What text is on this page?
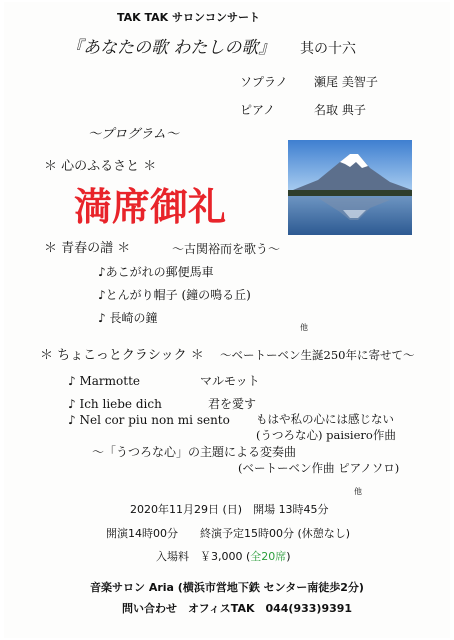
TAK TAK サロンコンサート
『あなたの歌 わたしの歌』 其の十六
ソプラノ 瀬尾 美智子
ピアノ	名取 典子
～プログラム～
＊ 心のふるさと ＊
満席御礼
＊ 青春の譜 ＊	～古関裕而を歌う～
♪あこがれの郵便馬車
♪とんがり帽子 (鐘の鳴る丘)
♪ 長崎の鐘
他
＊ ちょこっとクラシック ＊ ～ベートーベン生誕250年に寄せて～
♪ Marmotte	マルモット
♪ Ich liebe dich	君を愛す
♪ Nel cor piu non mi sento もはや私の心には感じない
(うつろな心) paisiero作曲
～「うつろな心」の主題による変奏曲
(ベートーベン作曲 ピアノソロ)
他
2020年11月29日 (日)　開場 13時45分
開演14時00分　　終演予定15時00分 (休憩なし)
入場料　￥3,000 (全20席)
音楽サロン Aria (横浜市営地下鉄 センター南徒歩2分)
問い合わせ　オフィスTAK　044(933)9391
